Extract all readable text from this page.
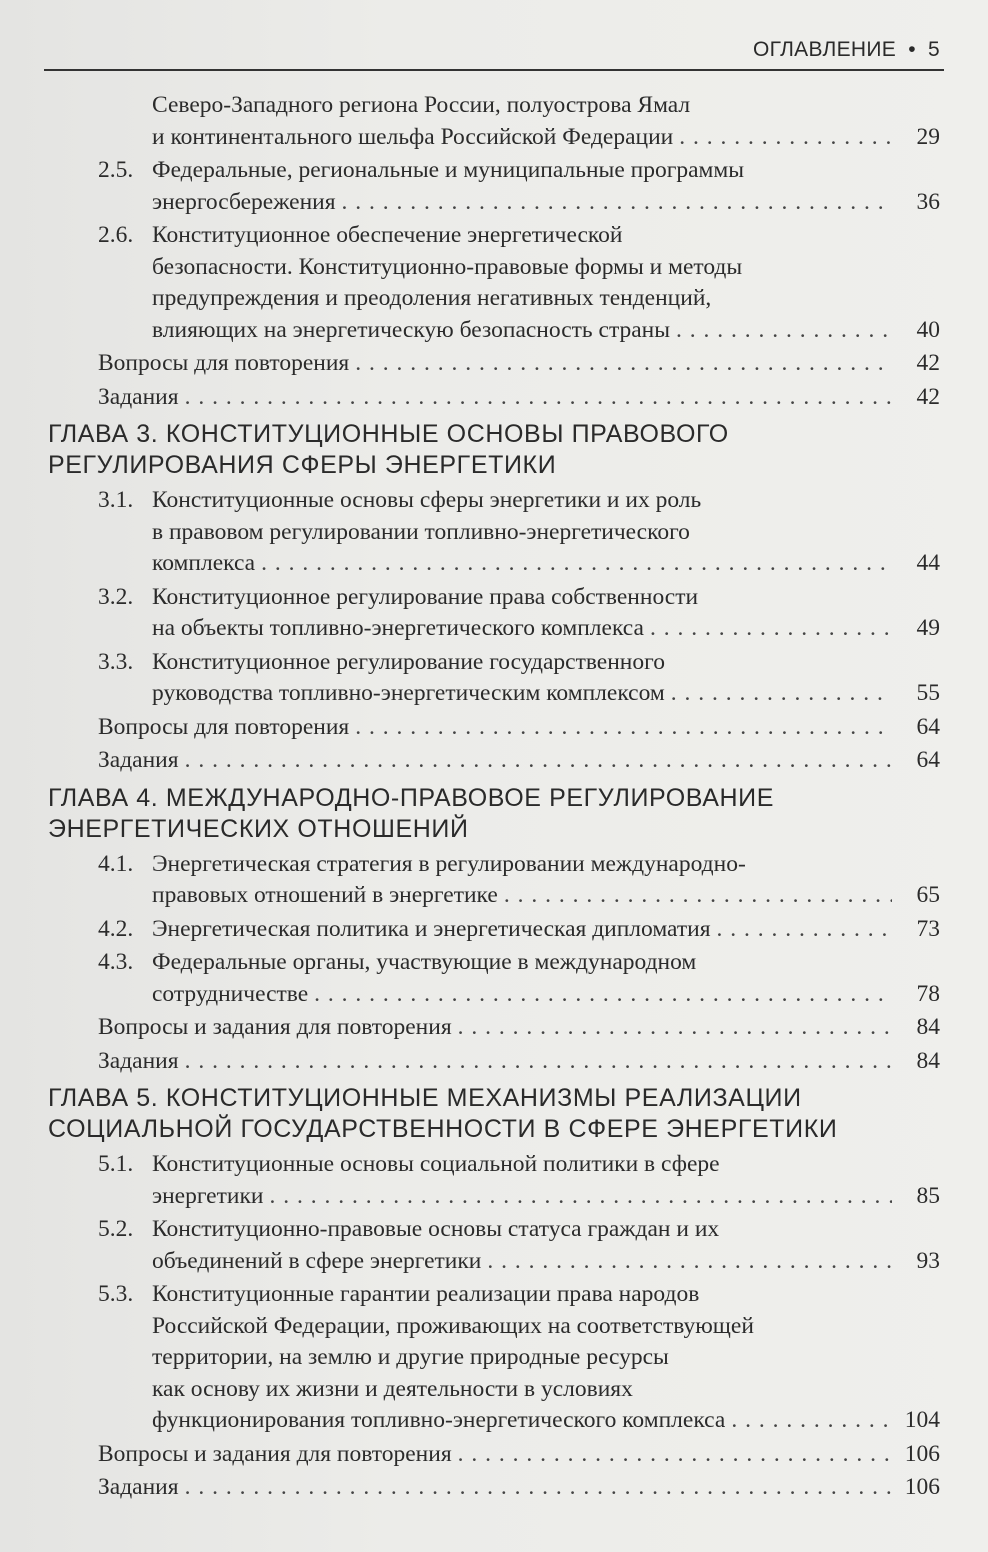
ОГЛАВЛЕНИЕ • 5
Северо-Западного региона России, полуострова Ямал
и континентального шельфа Российской Федерации . . .	29
2.5. Федеральные, региональные и муниципальные программы
энергосбережения . . .	36
2.6. Конституционное обеспечение энергетической
безопасности. Конституционно-правовые формы и методы
предупреждения и преодоления негативных тенденций,
влияющих на энергетическую безопасность страны . . .	40
Вопросы для повторения . . .	42
Задания . . .	42
ГЛАВА 3. КОНСТИТУЦИОННЫЕ ОСНОВЫ ПРАВОВОГО
РЕГУЛИРОВАНИЯ СФЕРЫ ЭНЕРГЕТИКИ
3.1. Конституционные основы сферы энергетики и их роль
в правовом регулировании топливно-энергетического
комплекса . . .	44
3.2. Конституционное регулирование права собственности
на объекты топливно-энергетического комплекса . . .	49
3.3. Конституционное регулирование государственного
руководства топливно-энергетическим комплексом . . .	55
Вопросы для повторения . . .	64
Задания . . .	64
ГЛАВА 4. МЕЖДУНАРОДНО-ПРАВОВОЕ РЕГУЛИРОВАНИЕ
ЭНЕРГЕТИЧЕСКИХ ОТНОШЕНИЙ
4.1. Энергетическая стратегия в регулировании международно-
правовых отношений в энергетике . . .	65
4.2. Энергетическая политика и энергетическая дипломатия . . .	73
4.3. Федеральные органы, участвующие в международном
сотрудничестве . . .	78
Вопросы и задания для повторения . . .	84
Задания . . .	84
ГЛАВА 5. КОНСТИТУЦИОННЫЕ МЕХАНИЗМЫ РЕАЛИЗАЦИИ
СОЦИАЛЬНОЙ ГОСУДАРСТВЕННОСТИ В СФЕРЕ ЭНЕРГЕТИКИ
5.1. Конституционные основы социальной политики в сфере
энергетики . . .	85
5.2. Конституционно-правовые основы статуса граждан и их
объединений в сфере энергетики . . .	93
5.3. Конституционные гарантии реализации права народов
Российской Федерации, проживающих на соответствующей
территории, на землю и другие природные ресурсы
как основу их жизни и деятельности в условиях
функционирования топливно-энергетического комплекса . . .	104
Вопросы и задания для повторения . . .	106
Задания . . .	106
